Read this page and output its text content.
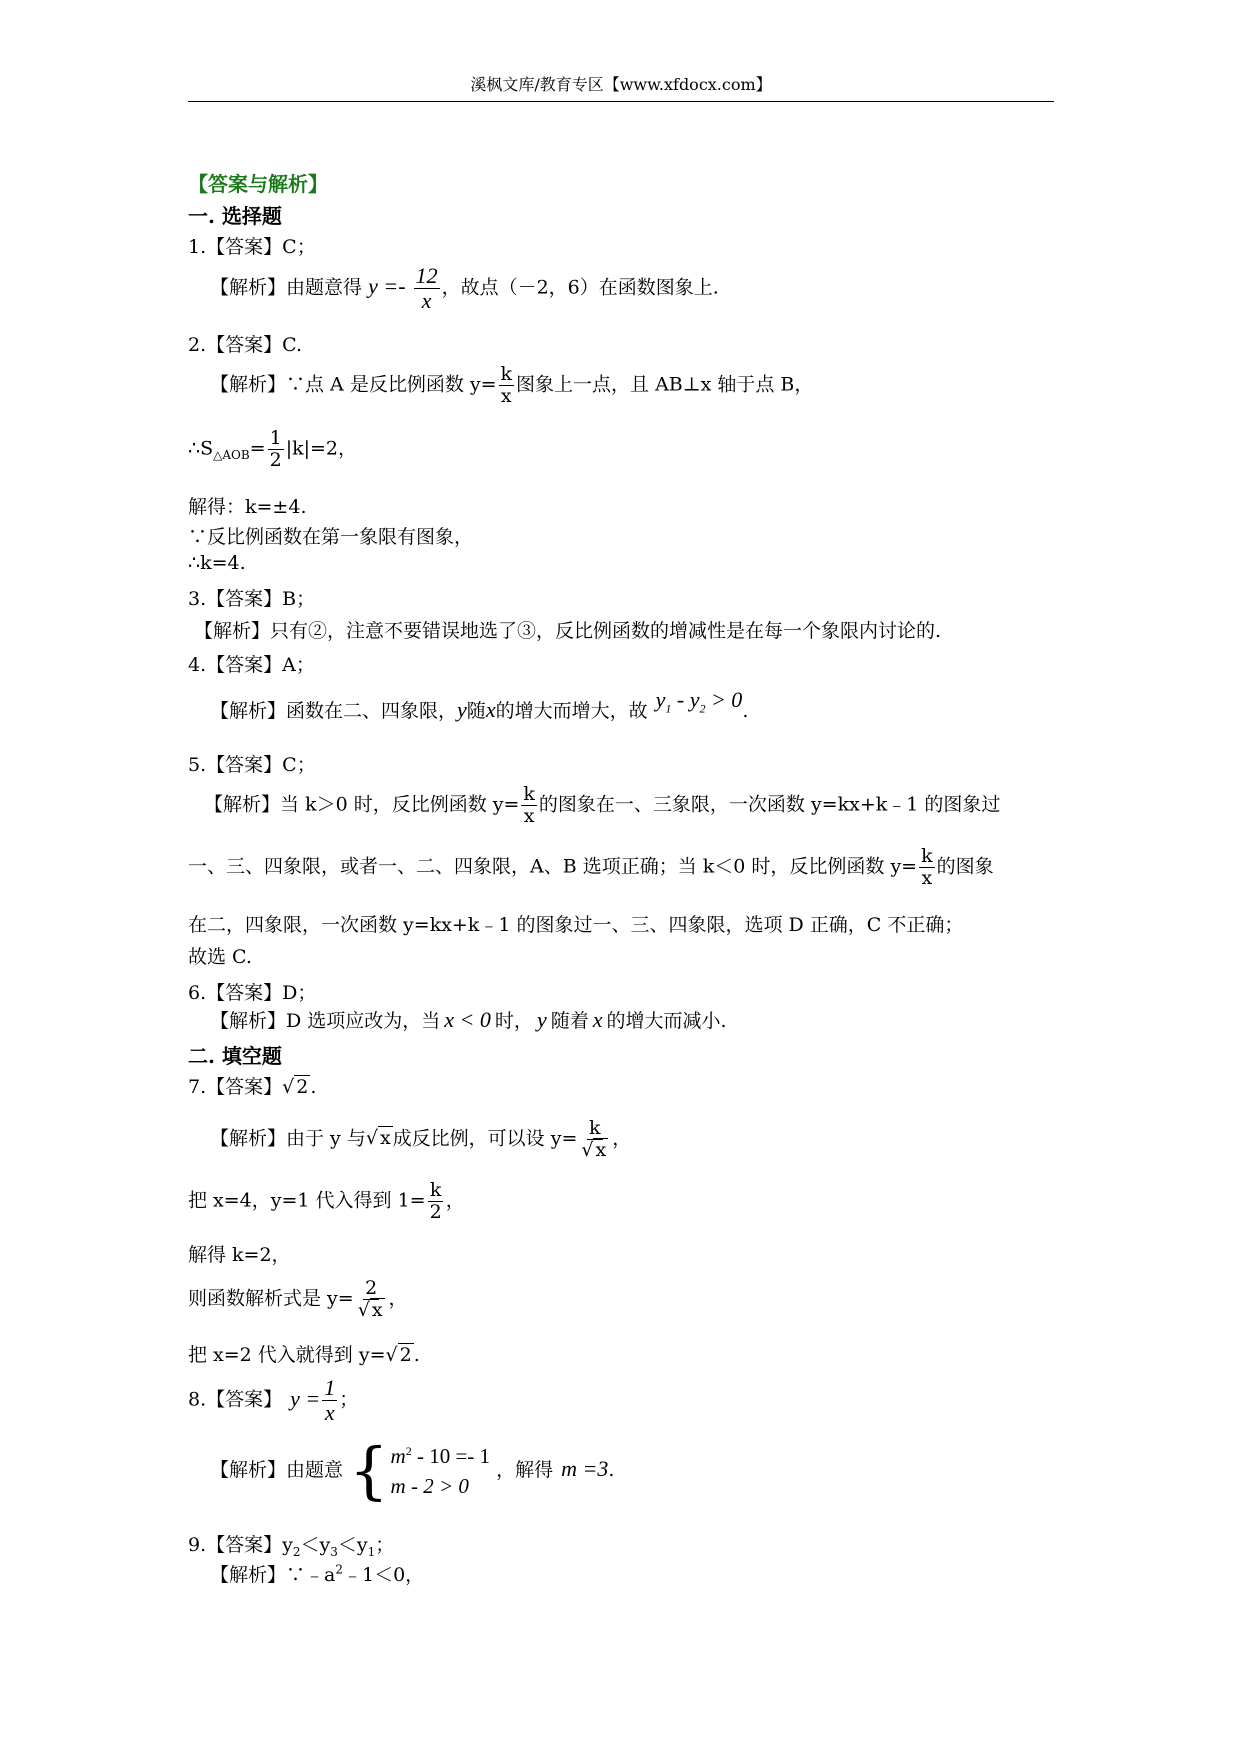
溪枫文库/教育专区【www.xfdocx.com】
【答案与解析】
一. 选择题
1.【答案】C；
【解析】由题意得 $y =- \frac{12}{x}$ ，故点（－2，6）在函数图象上.
2.【答案】C.
【解析】∵点 A 是反比例函数 $y= \frac{k}{x}$ 图象上一点，且 AB⊥x 轴于点 B，
$\therefore S_{\triangle AOB}= \frac{1}{2} |k|=2$，
解得：k=±4.
∵反比例函数在第一象限有图象，
∴k=4.
3.【答案】B；
【解析】只有②，注意不要错误地选了③，反比例函数的增减性是在每一个象限内讨论的.
4.【答案】A；
【解析】函数在二、四象限，y随x的增大而增大，故 $y_1 - y_2 > 0$.
5.【答案】C；
【解析】当 k＞0 时，反比例函数 $y= \frac{k}{x}$ 的图象在一、三象限，一次函数 y=kx+k﹣1 的图象过
一、三、四象限，或者一、二、四象限，A、B 选项正确；当 k＜0 时，反比例函数 $y= \frac{k}{x}$ 的图象
在二，四象限，一次函数 y=kx+k﹣1 的图象过一、三、四象限，选项 D 正确，C 不正确；
故选 C.
6.【答案】D；
【解析】D 选项应改为，当 x < 0 时， y 随着 x 的增大而减小.
二. 填空题
7.【答案】√ 2 .
【解析】由于 y 与√ x 成反比例，可以设 $y= \frac{k}{√ x}$ ，
把 x=4，y=1 代入得到 $1= \frac{k}{2}$ ，
解得 k=2，
则函数解析式是 $y= \frac{2}{√ x}$ ，
把 x=2 代入就得到 y=√ 2 .
8.【答案】 $y = \frac{1}{x}$ ；
【解析】由题意 { $m^2 - 10 =- 1$
m - 2 > 0
，解得 m =3.
9.【答案】$y_2<y_3<y_1$；
【解析】$\because﹣a^2﹣1<0$，
